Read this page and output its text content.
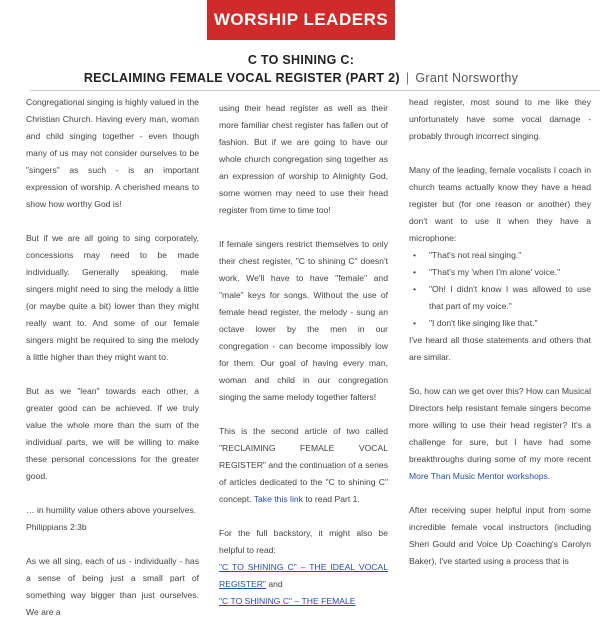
WORSHIP LEADERS
C TO SHINING C:
RECLAIMING FEMALE VOCAL REGISTER (PART 2) | Grant Norsworthy

Congregational singing is highly valued in the Christian Church. Having every man, woman and child singing together - even though many of us may not consider ourselves to be "singers" as such - is an important expression of worship. A cherished means to show how worthy God is!

But if we are all going to sing corporately, concessions may need to be made individually. Generally speaking, male singers might need to sing the melody a little (or maybe quite a bit) lower than they might really want to. And some of our female singers might be required to sing the melody a little higher than they might want to.

But as we "lean" towards each other, a greater good can be achieved. If we truly value the whole more than the sum of the individual parts, we will be willing to make these personal concessions for the greater good.

… in humility value others above yourselves.
Philippians 2:3b

As we all sing, each of us - individually - has a sense of being just a small part of something way bigger than just ourselves. We are a

using their head register as well as their more familiar chest register has fallen out of fashion. But if we are going to have our whole church congregation sing together as an expression of worship to Almighty God, some women may need to use their head register from time to time too!

If female singers restrict themselves to only their chest register, "C to shining C" doesn't work. We'll have to have "female" and "male" keys for songs. Without the use of female head register, the melody - sung an octave lower by the men in our congregation - can become impossibly low for them. Our goal of having every man, woman and child in our congregation singing the same melody together falters!

This is the second article of two called "RECLAIMING FEMALE VOCAL REGISTER" and the continuation of a series of articles dedicated to the "C to shining C" concept. Take this link to read Part 1.

For the full backstory, it might also be helpful to read:
"C TO SHINING C" – THE IDEAL VOCAL REGISTER" and
"C TO SHINING C" – THE FEMALE

head register, most sound to me like they unfortunately have some vocal damage - probably through incorrect singing.

Many of the leading, female vocalists I coach in church teams actually know they have a head register but (for one reason or another) they don't want to use it when they have a microphone:

• "That's not real singing."
• "That's my 'when I'm alone' voice."
• "Oh! I didn't know I was allowed to use that part of my voice."
• "I don't like singing like that."

I've heard all those statements and others that are similar.

So, how can we get over this? How can Musical Directors help resistant female singers become more willing to use their head register? It's a challenge for sure, but I have had some breakthroughs during some of my more recent More Than Music Mentor workshops.

After receiving super helpful input from some incredible female vocal instructors (including Sheri Gould and Voice Up Coaching's Carolyn Baker), I've started using a process that is
